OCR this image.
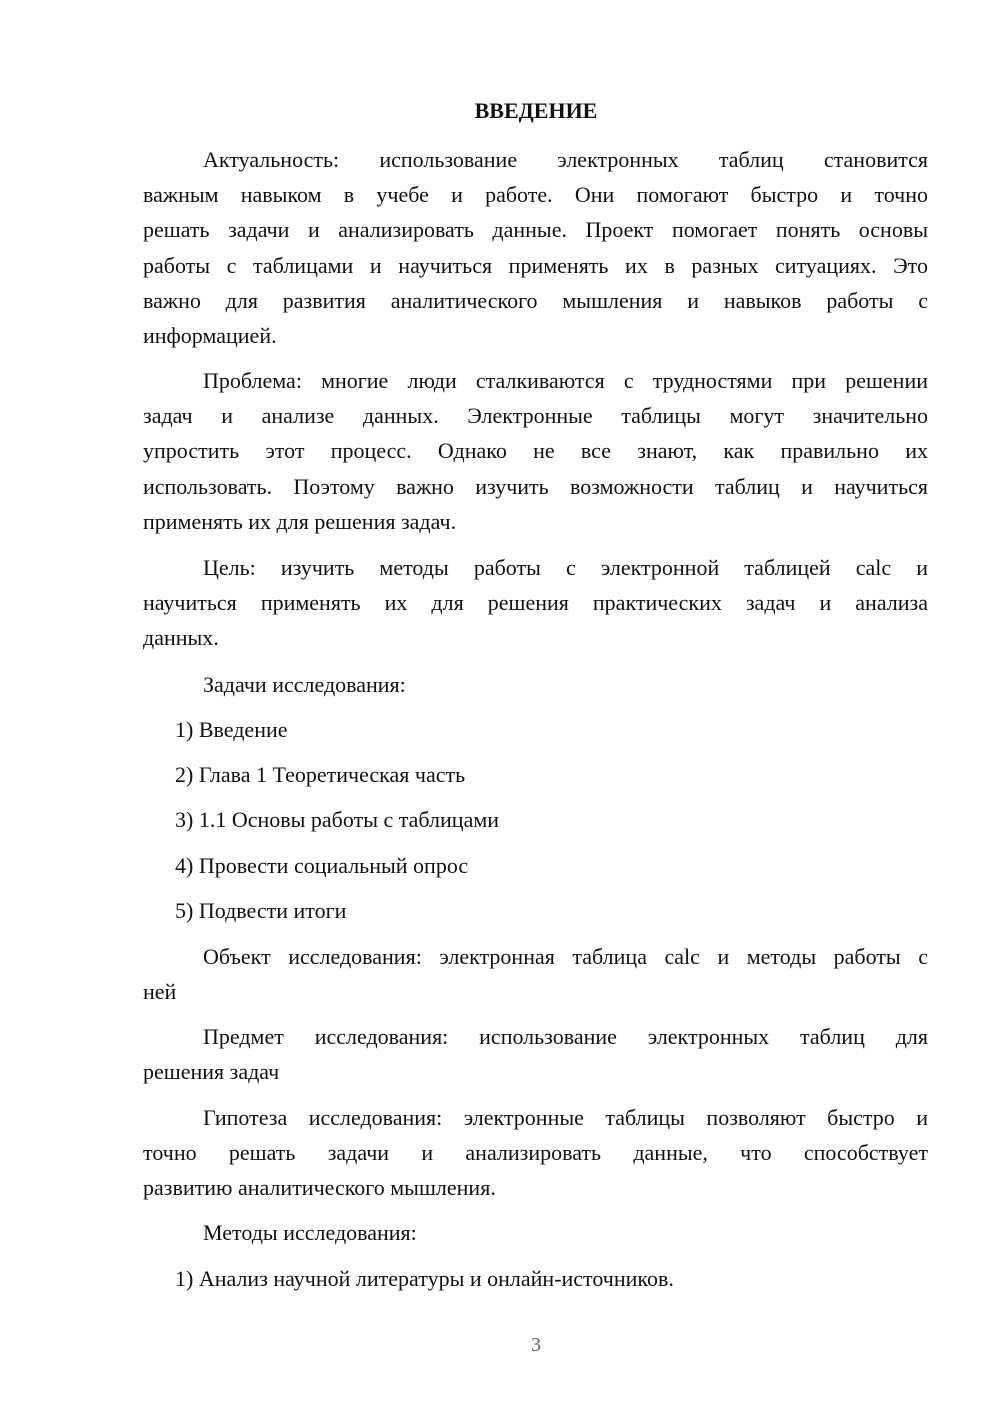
ВВЕДЕНИЕ
Актуальность: использование электронных таблиц становится
важным навыком в учебе и работе. Они помогают быстро и точно
решать задачи и анализировать данные. Проект помогает понять основы
работы с таблицами и научиться применять их в разных ситуациях. Это
важно для развития аналитического мышления и навыков работы с
информацией.
Проблема: многие люди сталкиваются с трудностями при решении
задач и анализе данных. Электронные таблицы могут значительно
упростить этот процесс. Однако не все знают, как правильно их
использовать. Поэтому важно изучить возможности таблиц и научиться
применять их для решения задач.
Цель: изучить методы работы с электронной таблицей calc и
научиться применять их для решения практических задач и анализа
данных.
Задачи исследования:
1) Введение
2) Глава 1 Теоретическая часть
3) 1.1 Основы работы с таблицами
4) Провести социальный опрос
5) Подвести итоги
Объект исследования: электронная таблица calc и методы работы с
ней
Предмет исследования: использование электронных таблиц для
решения задач
Гипотеза исследования: электронные таблицы позволяют быстро и
точно решать задачи и анализировать данные, что способствует
развитию аналитического мышления.
Методы исследования:
1) Анализ научной литературы и онлайн-источников.
3
